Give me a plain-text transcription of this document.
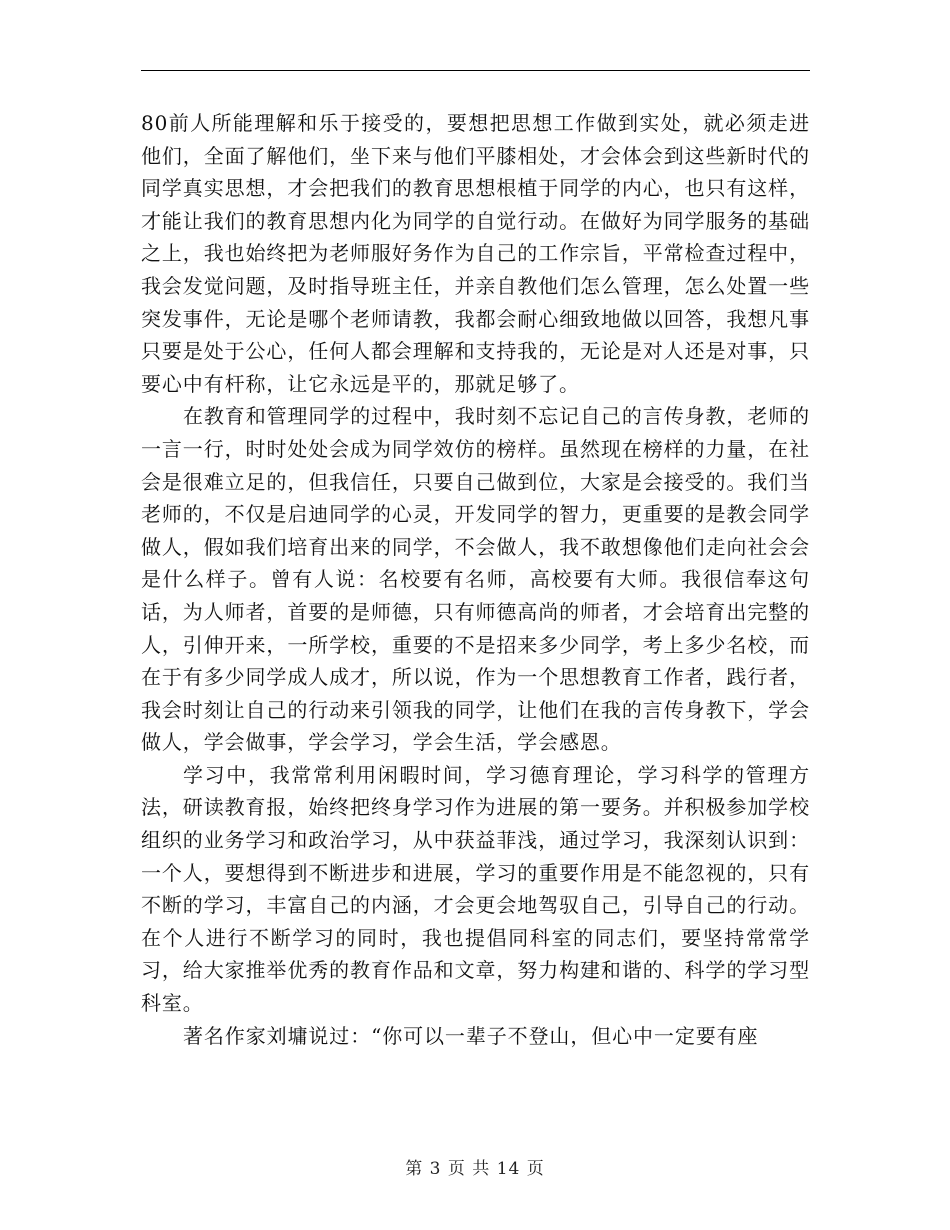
80前人所能理解和乐于接受的，要想把思想工作做到实处，就必须走进他们，全面了解他们，坐下来与他们平膝相处，才会体会到这些新时代的同学真实思想，才会把我们的教育思想根植于同学的内心，也只有这样，才能让我们的教育思想内化为同学的自觉行动。在做好为同学服务的基础之上，我也始终把为老师服好务作为自己的工作宗旨，平常检查过程中，我会发觉问题，及时指导班主任，并亲自教他们怎么管理，怎么处置一些突发事件，无论是哪个老师请教，我都会耐心细致地做以回答，我想凡事只要是处于公心，任何人都会理解和支持我的，无论是对人还是对事，只要心中有杆称，让它永远是平的，那就足够了。

在教育和管理同学的过程中，我时刻不忘记自己的言传身教，老师的一言一行，时时处处会成为同学效仿的榜样。虽然现在榜样的力量，在社会是很难立足的，但我信任，只要自己做到位，大家是会接受的。我们当老师的，不仅是启迪同学的心灵，开发同学的智力，更重要的是教会同学做人，假如我们培育出来的同学，不会做人，我不敢想像他们走向社会会是什么样子。曾有人说：名校要有名师，高校要有大师。我很信奉这句话，为人师者，首要的是师德，只有师德高尚的师者，才会培育出完整的人，引伸开来，一所学校，重要的不是招来多少同学，考上多少名校，而在于有多少同学成人成才，所以说，作为一个思想教育工作者，践行者，我会时刻让自己的行动来引领我的同学，让他们在我的言传身教下，学会做人，学会做事，学会学习，学会生活，学会感恩。

学习中，我常常利用闲暇时间，学习德育理论，学习科学的管理方法，研读教育报，始终把终身学习作为进展的第一要务。并积极参加学校组织的业务学习和政治学习，从中获益菲浅，通过学习，我深刻认识到：一个人，要想得到不断进步和进展，学习的重要作用是不能忽视的，只有不断的学习，丰富自己的内涵，才会更会地驾驭自己，引导自己的行动。在个人进行不断学习的同时，我也提倡同科室的同志们，要坚持常常学习，给大家推举优秀的教育作品和文章，努力构建和谐的、科学的学习型科室。

著名作家刘墉说过：“你可以一辈子不登山，但心中一定要有座

第 3 页 共 14 页
